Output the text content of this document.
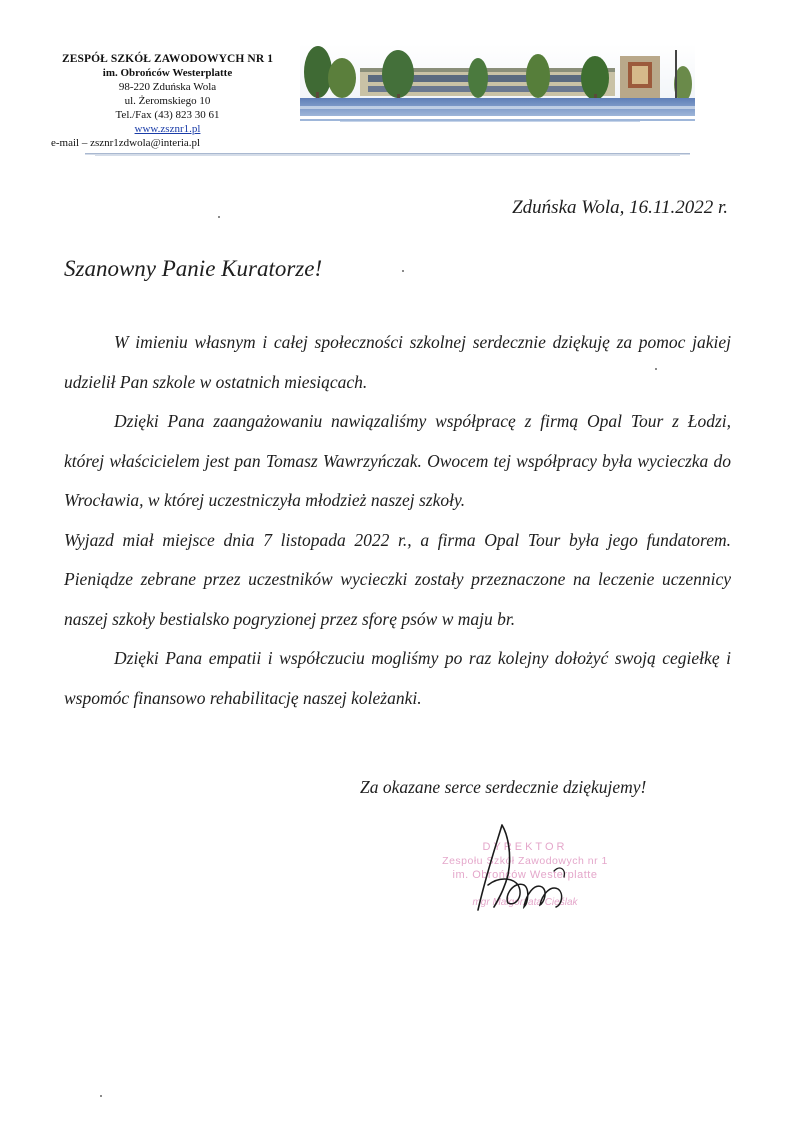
ZESPÓŁ SZKÓŁ ZAWODOWYCH NR 1
im. Obrońców Westerplatte
98-220 Zduńska Wola
ul. Żeromskiego 10
Tel./Fax (43) 823 30 61
www.zsznr1.pl
e-mail – zsznr1zdwola@interia.pl
Zduńska Wola, 16.11.2022 r.
Szanowny Panie Kuratorze!

W imieniu własnym i całej społeczności szkolnej serdecznie dziękuję za pomoc jakiej udzielił Pan szkole w ostatnich miesiącach.

Dzięki Pana zaangażowaniu nawiązaliśmy współpracę z firmą Opal Tour z Łodzi, której właścicielem jest pan Tomasz Wawrzyńczak. Owocem tej współpracy była wycieczka do Wrocławia, w której uczestniczyła młodzież naszej szkoły.

Wyjazd miał miejsce dnia 7 listopada 2022 r., a firma Opal Tour była jego fundatorem. Pieniądze zebrane przez uczestników wycieczki zostały przeznaczone na leczenie uczennicy naszej szkoły bestialsko pogryzionej przez sforę psów w maju br.

Dzięki Pana empatii i współczuciu mogliśmy po raz kolejny dołożyć swoją cegiełkę i wspomóc finansowo rehabilitację naszej koleżanki.

Za okazane serce serdecznie dziękujemy!
DYREKTOR
Zespołu Szkół Zawodowych nr 1
im. Obrońców Westerplatte
mgr Małgorzata Cieślak
